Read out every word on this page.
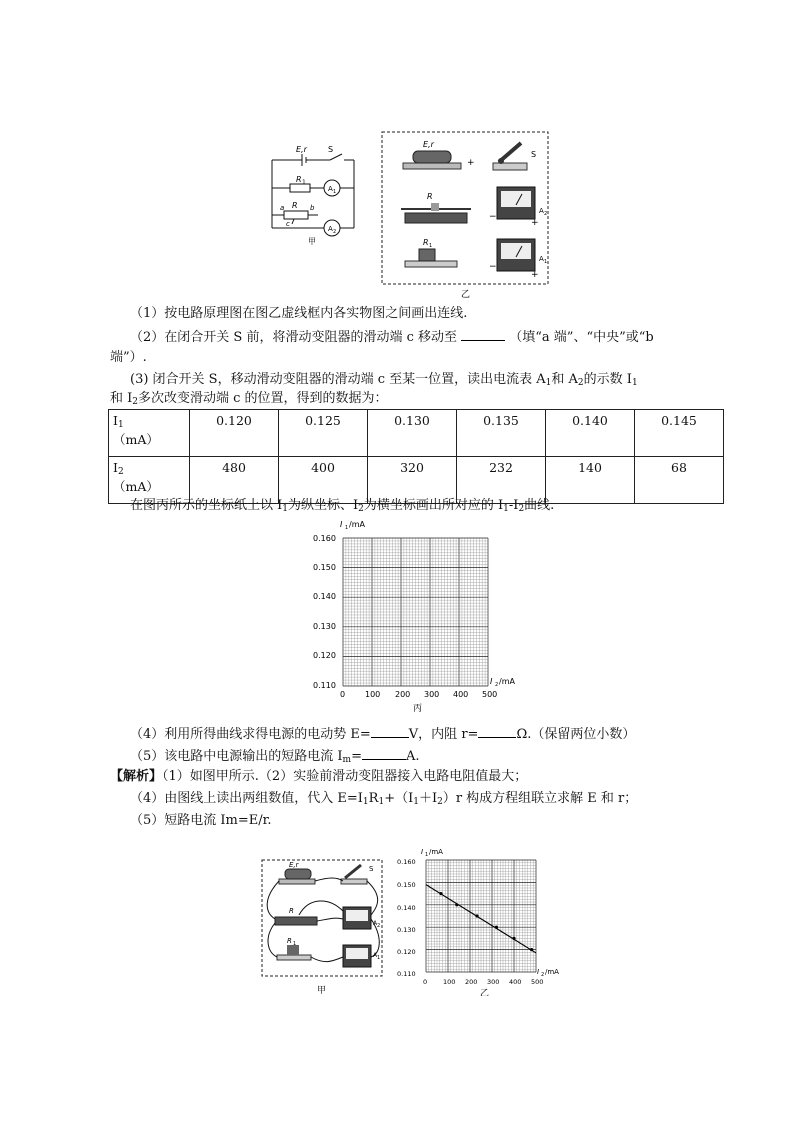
E,r	S
R 1
A 1
R
a	b
c
A 2
甲
E,r
+
S
R
−
A 2
+
R 1
−
A 1
+
乙
（1）按电路原理图在图乙虚线框内各实物图之间画出连线.
（2）在闭合开关 S 前，将滑动变阻器的滑动端 c 移动至	（填“a 端”、“中央”或“b
端”）.
(3) 闭合开关 S，移动滑动变阻器的滑动端 c 至某一位置，读出电流表 $A_1$和 $A_2$的示数 $I_1$
和 $I_2$多次改变滑动端 c 的位置，得到的数据为：
$I_1$
（mA）	0.120	0.125	0.130	0.135	0.140	0.145
$I_2$
（mA）	480	400	320	232	140	68
在图丙所示的坐标纸上以 $I_1$为纵坐标、$I_2$为横坐标画出所对应的 $I_1-I_2$曲线.
I 1 /mA
I 2 /mA
0.160
0.150
0.140
0.130
0.120
0.110
0 100 200 300 400 500
丙
（4）利用所得曲线求得电源的电动势 E=	V，内阻 r=	Ω.（保留两位小数）
（5）该电路中电源输出的短路电流 $I_m=$	A.
【解析】（1）如图甲所示.（2）实验前滑动变阻器接入电路电阻值最大；
（4）由图线上读出两组数值，代入 $E=I_1R_1+(I_1+I_2)r$ 构成方程组联立求解 E 和 r；
（5）短路电流 Im=E/r.
E,r	S
R
R 1
A 2
A 1
甲
I 1 /mA
I 2 /mA
0.160
0.150
0.140
0.130
0.120
0.110
0 100 200 300 400 500
乙
